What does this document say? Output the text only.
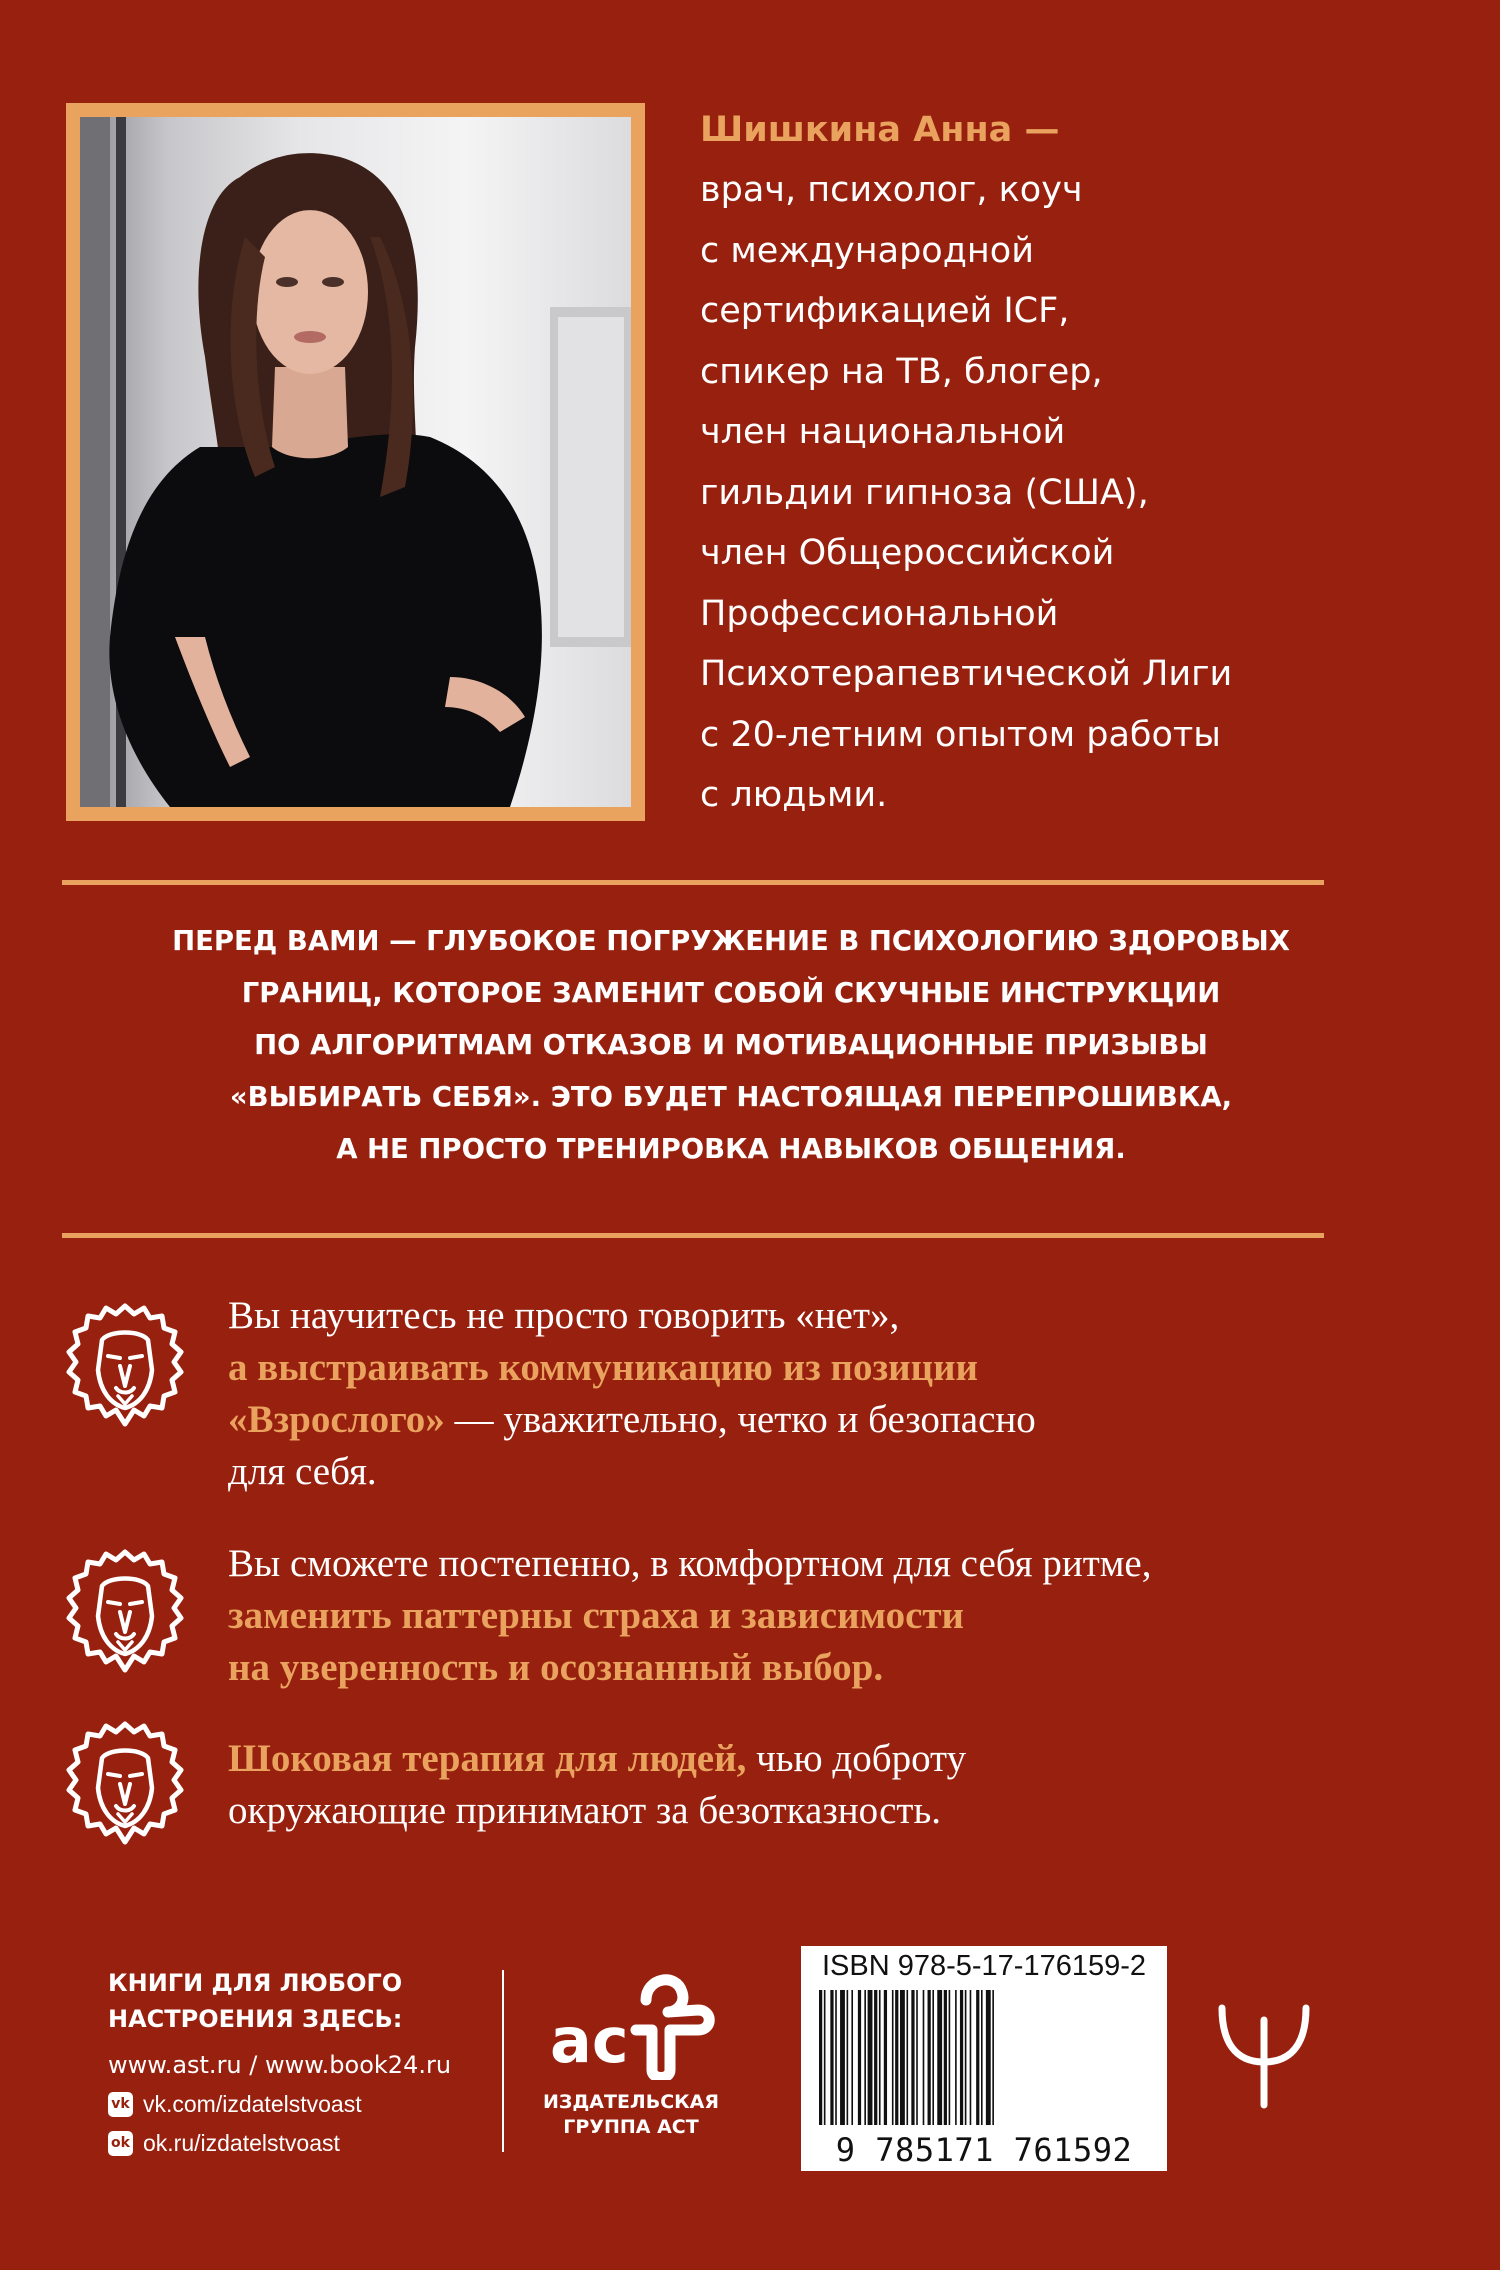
Шишкина Анна —
врач, психолог, коуч
с международной
сертификацией ICF,
спикер на ТВ, блогер,
член национальной
гильдии гипноза (США),
член Общероссийской
Профессиональной
Психотерапевтической Лиги
с 20-летним опытом работы
с людьми.
ПЕРЕД ВАМИ — ГЛУБОКОЕ ПОГРУЖЕНИЕ В ПСИХОЛОГИЮ ЗДОРОВЫХ
ГРАНИЦ, КОТОРОЕ ЗАМЕНИТ СОБОЙ СКУЧНЫЕ ИНСТРУКЦИИ
ПО АЛГОРИТМАМ ОТКАЗОВ И МОТИВАЦИОННЫЕ ПРИЗЫВЫ
«ВЫБИРАТЬ СЕБЯ». ЭТО БУДЕТ НАСТОЯЩАЯ ПЕРЕПРОШИВКА,
А НЕ ПРОСТО ТРЕНИРОВКА НАВЫКОВ ОБЩЕНИЯ.
Вы научитесь не просто говорить «нет»,
а выстраивать коммуникацию из позиции
«Взрослого» — уважительно, четко и безопасно
для себя.
Вы сможете постепенно, в комфортном для себя ритме,
заменить паттерны страха и зависимости
на уверенность и осознанный выбор.
Шоковая терапия для людей, чью доброту
окружающие принимают за безотказность.
КНИГИ ДЛЯ ЛЮБОГО
НАСТРОЕНИЯ ЗДЕСЬ:
www.ast.ru / www.book24.ru
vk vk.com/izdatelstvoast
ok ok.ru/izdatelstvoast
ac
ИЗДАТЕЛЬСКАЯ
ГРУППА АСТ
ISBN 978-5-17-176159-2
9 785171 761592
